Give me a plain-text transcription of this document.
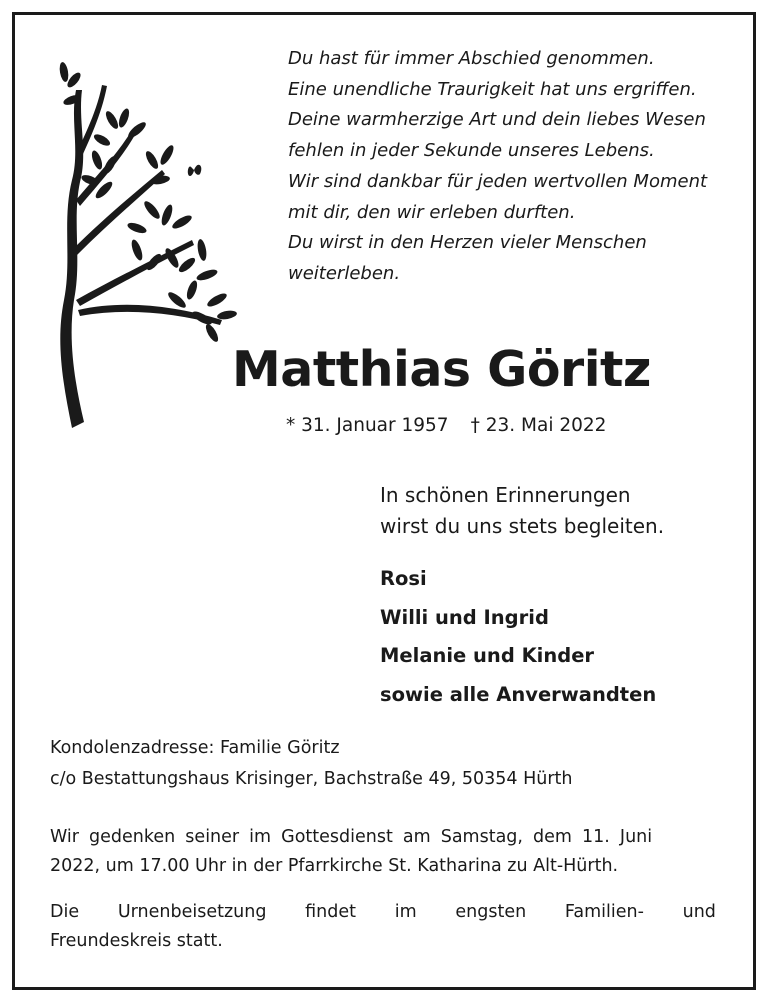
Du hast für immer Abschied genommen.
Eine unendliche Traurigkeit hat uns ergriffen.
Deine warmherzige Art und dein liebes Wesen
fehlen in jeder Sekunde unseres Lebens.
Wir sind dankbar für jeden wertvollen Moment
mit dir, den wir erleben durften.
Du wirst in den Herzen vieler Menschen
weiterleben.
Matthias Göritz
* 31. Januar 1957 † 23. Mai 2022
In schönen Erinnerungen
wirst du uns stets begleiten.
Rosi
Willi und Ingrid
Melanie und Kinder
sowie alle Anverwandten
Kondolenzadresse: Familie Göritz
c/o Bestattungshaus Krisinger, Bachstraße 49, 50354 Hürth
Wir gedenken seiner im Gottesdienst am Samstag, dem 11. Juni
2022, um 17.00 Uhr in der Pfarrkirche St. Katharina zu Alt-Hürth.
Die Urnenbeisetzung findet im engsten Familien- und
Freundeskreis statt.
